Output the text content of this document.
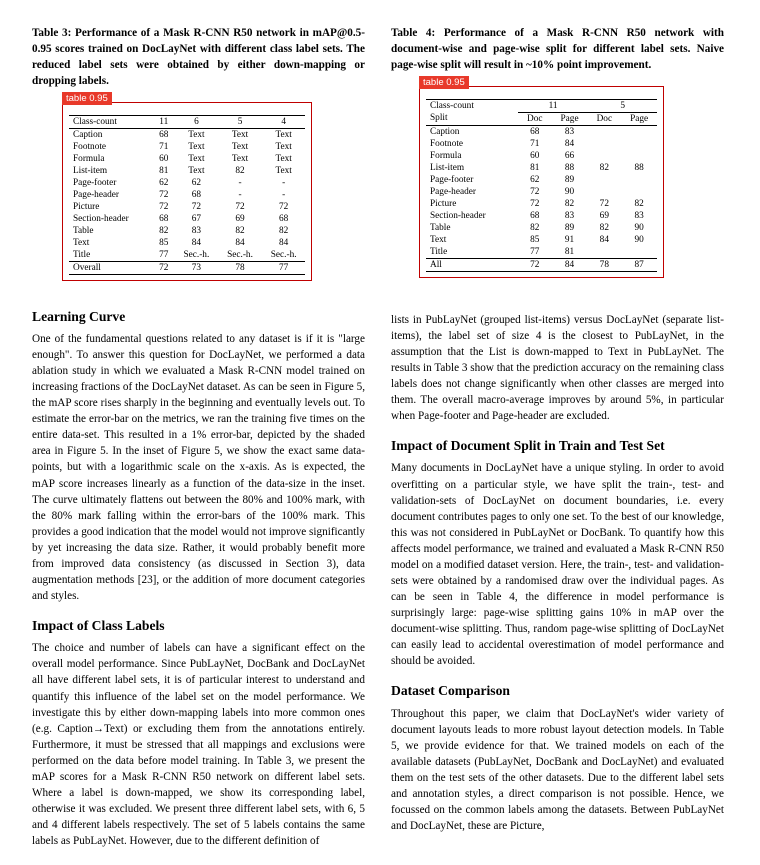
Table 3: Performance of a Mask R-CNN R50 network in mAP@0.5-0.95 scores trained on DocLayNet with different class label sets. The reduced label sets were obtained by either down-mapping or dropping labels.
table 0.95
Class-count	11	6	5	4
Caption	68	Text	Text	Text
Footnote	71	Text	Text	Text
Formula	60	Text	Text	Text
List-item	81	Text	82	Text
Page-footer	62	62	-	-
Page-header	72	68	-	-
Picture	72	72	72	72
Section-header	68	67	69	68
Table	82	83	82	82
Text	85	84	84	84
Title	77	Sec.-h.	Sec.-h.	Sec.-h.
Overall	72	73	78	77
Learning Curve

One of the fundamental questions related to any dataset is if it is "large enough". To answer this question for DocLayNet, we performed a data ablation study in which we evaluated a Mask R-CNN model trained on increasing fractions of the DocLayNet dataset. As can be seen in Figure 5, the mAP score rises sharply in the beginning and eventually levels out. To estimate the error-bar on the metrics, we ran the training five times on the entire data-set. This resulted in a 1% error-bar, depicted by the shaded area in Figure 5. In the inset of Figure 5, we show the exact same data-points, but with a logarithmic scale on the x-axis. As is expected, the mAP score increases linearly as a function of the data-size in the inset. The curve ultimately flattens out between the 80% and 100% mark, with the 80% mark falling within the error-bars of the 100% mark. This provides a good indication that the model would not improve significantly by yet increasing the data size. Rather, it would probably benefit more from improved data consistency (as discussed in Section 3), data augmentation methods [23], or the addition of more document categories and styles.

Impact of Class Labels

The choice and number of labels can have a significant effect on the overall model performance. Since PubLayNet, DocBank and DocLayNet all have different label sets, it is of particular interest to understand and quantify this influence of the label set on the model performance. We investigate this by either down-mapping labels into more common ones (e.g. Caption→Text) or excluding them from the annotations entirely. Furthermore, it must be stressed that all mappings and exclusions were performed on the data before model training. In Table 3, we present the mAP scores for a Mask R-CNN R50 network on different label sets. Where a label is down-mapped, we show its corresponding label, otherwise it was excluded. We present three different label sets, with 6, 5 and 4 different labels respectively. The set of 5 labels contains the same labels as PubLayNet. However, due to the different definition of

Table 4: Performance of a Mask R-CNN R50 network with document-wise and page-wise split for different label sets. Naive page-wise split will result in ~10% point improvement.
table 0.95
Class-count	11		5	
Split	Doc	Page	Doc	Page
Caption	68	83		
Footnote	71	84		
Formula	60	66		
List-item	81	88	82	88
Page-footer	62	89		
Page-header	72	90		
Picture	72	82	72	82
Section-header	68	83	69	83
Table	82	89	82	90
Text	85	91	84	90
Title	77	81		
All	72	84	78	87

lists in PubLayNet (grouped list-items) versus DocLayNet (separate list-items), the label set of size 4 is the closest to PubLayNet, in the assumption that the List is down-mapped to Text in PubLayNet. The results in Table 3 show that the prediction accuracy on the remaining class labels does not change significantly when other classes are merged into them. The overall macro-average improves by around 5%, in particular when Page-footer and Page-header are excluded.

Impact of Document Split in Train and Test Set

Many documents in DocLayNet have a unique styling. In order to avoid overfitting on a particular style, we have split the train-, test- and validation-sets of DocLayNet on document boundaries, i.e. every document contributes pages to only one set. To the best of our knowledge, this was not considered in PubLayNet or DocBank. To quantify how this affects model performance, we trained and evaluated a Mask R-CNN R50 model on a modified dataset version. Here, the train-, test- and validation-sets were obtained by a randomised draw over the individual pages. As can be seen in Table 4, the difference in model performance is surprisingly large: page-wise splitting gains 10% in mAP over the document-wise splitting. Thus, random page-wise splitting of DocLayNet can easily lead to accidental overestimation of model performance and should be avoided.

Dataset Comparison

Throughout this paper, we claim that DocLayNet's wider variety of document layouts leads to more robust layout detection models. In Table 5, we provide evidence for that. We trained models on each of the available datasets (PubLayNet, DocBank and DocLayNet) and evaluated them on the test sets of the other datasets. Due to the different label sets and annotation styles, a direct comparison is not possible. Hence, we focussed on the common labels among the datasets. Between PubLayNet and DocLayNet, these are Picture,
